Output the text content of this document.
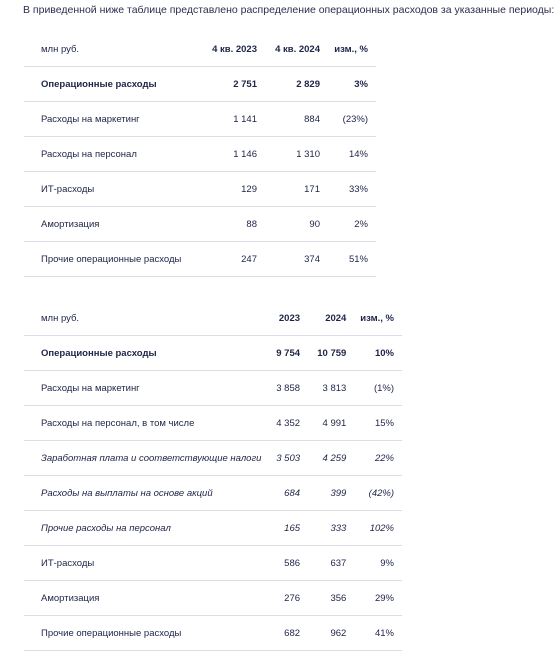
В приведенной ниже таблице представлено распределение операционных расходов за указанные периоды:
млн руб.	4 кв. 2023	4 кв. 2024	изм., %
Операционные расходы	2 751	2 829	3%
Расходы на маркетинг	1 141	884	(23%)
Расходы на персонал	1 146	1 310	14%
ИТ-расходы	129	171	33%
Амортизация	88	90	2%
Прочие операционные расходы	247	374	51%
млн руб.	2023	2024	изм., %
Операционные расходы	9 754	10 759	10%
Расходы на маркетинг	3 858	3 813	(1%)
Расходы на персонал, в том числе	4 352	4 991	15%
Заработная плата и соответствующие налоги	3 503	4 259	22%
Расходы на выплаты на основе акций	684	399	(42%)
Прочие расходы на персонал	165	333	102%
ИТ-расходы	586	637	9%
Амортизация	276	356	29%
Прочие операционные расходы	682	962	41%
